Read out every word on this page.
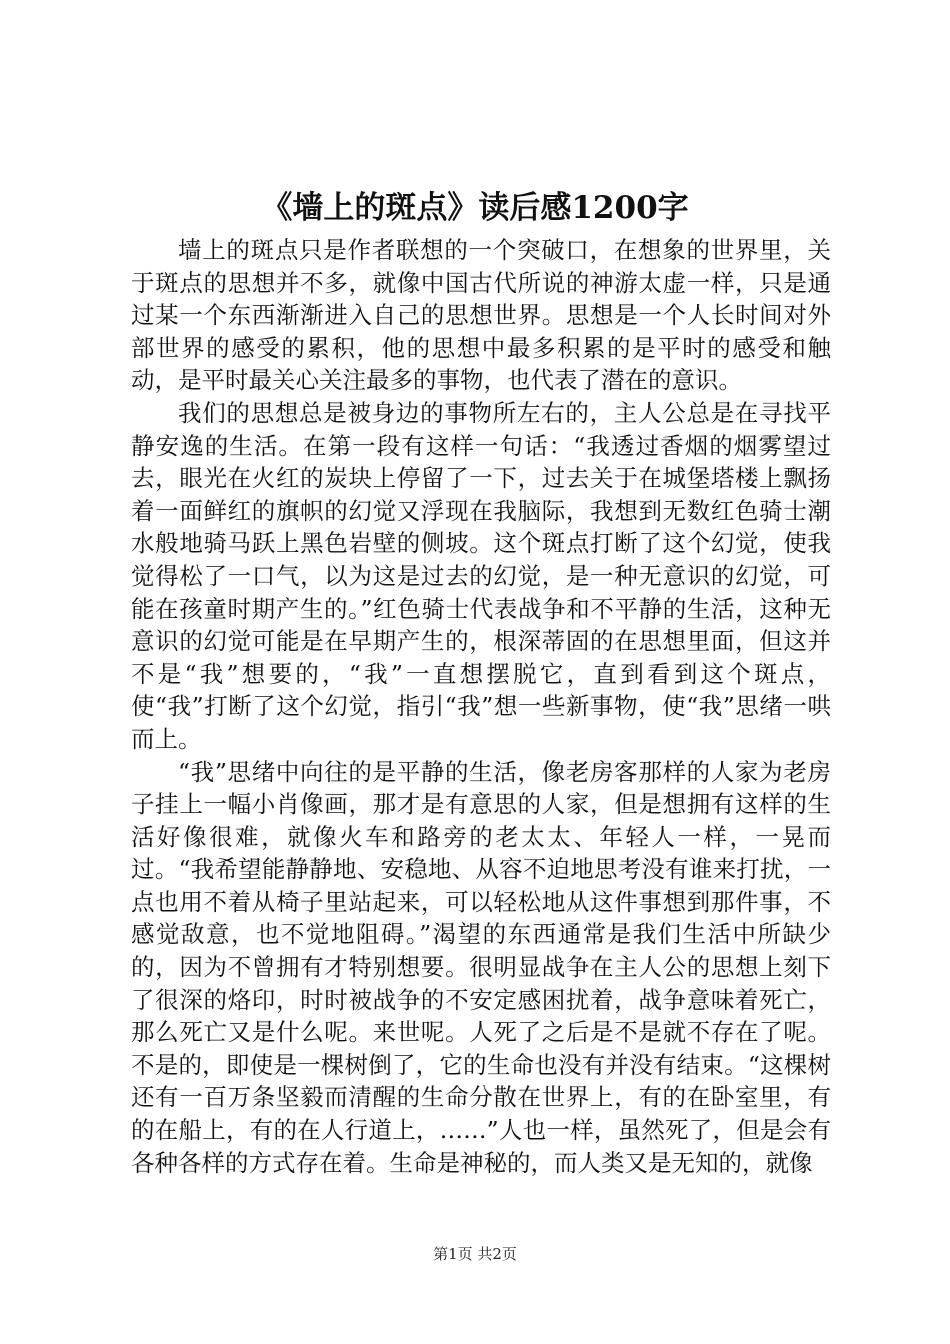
《墙上的斑点》读后感1200字

墙上的斑点只是作者联想的一个突破口，在想象的世界里，关于斑点的思想并不多，就像中国古代所说的神游太虚一样，只是通过某一个东西渐渐进入自己的思想世界。思想是一个人长时间对外部世界的感受的累积，他的思想中最多积累的是平时的感受和触动，是平时最关心关注最多的事物，也代表了潜在的意识。

我们的思想总是被身边的事物所左右的，主人公总是在寻找平静安逸的生活。在第一段有这样一句话：“我透过香烟的烟雾望过去，眼光在火红的炭块上停留了一下，过去关于在城堡塔楼上飘扬着一面鲜红的旗帜的幻觉又浮现在我脑际，我想到无数红色骑士潮水般地骑马跃上黑色岩壁的侧坡。这个斑点打断了这个幻觉，使我觉得松了一口气，以为这是过去的幻觉，是一种无意识的幻觉，可能在孩童时期产生的。”红色骑士代表战争和不平静的生活，这种无意识的幻觉可能是在早期产生的，根深蒂固的在思想里面，但这并不是“我”想要的，“我”一直想摆脱它，直到看到这个斑点，使“我”打断了这个幻觉，指引“我”想一些新事物，使“我”思绪一哄而上。

“我”思绪中向往的是平静的生活，像老房客那样的人家为老房子挂上一幅小肖像画，那才是有意思的人家，但是想拥有这样的生活好像很难，就像火车和路旁的老太太、年轻人一样，一晃而过。“我希望能静静地、安稳地、从容不迫地思考没有谁来打扰，一点也用不着从椅子里站起来，可以轻松地从这件事想到那件事，不感觉敌意，也不觉地阻碍。”渴望的东西通常是我们生活中所缺少的，因为不曾拥有才特别想要。很明显战争在主人公的思想上刻下了很深的烙印，时时被战争的不安定感困扰着，战争意味着死亡，那么死亡又是什么呢。来世呢。人死了之后是不是就不存在了呢。不是的，即使是一棵树倒了，它的生命也没有并没有结束。“这棵树还有一百万条坚毅而清醒的生命分散在世界上，有的在卧室里，有的在船上，有的在人行道上，……”人也一样，虽然死了，但是会有各种各样的方式存在着。生命是神秘的，而人类又是无知的，就像

第1页 共2页
